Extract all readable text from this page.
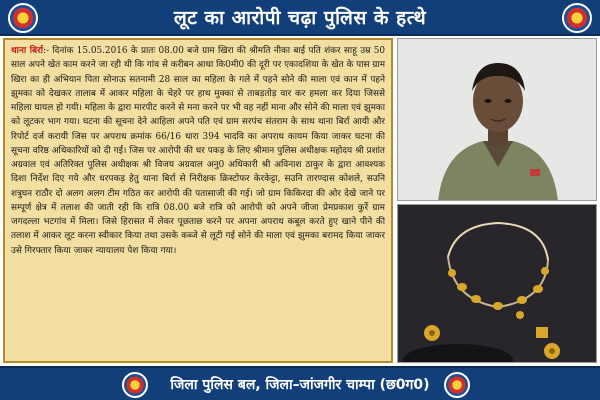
लूट का आरोपी चढ़ा पुलिस के हत्थे

थाना बिर्रा:- दिनांक 15.05.2016 के प्रातः 08.00 बजे ग्राम खिरा की श्रीमति नीका बाई पति शंकर साहू उम्र 50 साल अपने खेत काम करने जा रही थी कि गांव से करीबन आधा कि0मी0 की दूरी पर एकादशिया के खेत के पास ग्राम खिरा का ही अभियान पिता सोनाऊ सतनामी 28 साल का महिला के गले में पहने सोने की माला एवं कान में पहने झुमका को देखकर तालाब में आकर महिला के चेहरे पर हाथ मुक्का से ताबड़तोड़ वार कर हमला कर दिया जिससे महिला घायल हो गयी। महिला के द्वारा मारपीट करने से मना करने पर भी वह नहीं माना और सोने की माला एवं झुमका को लूटकर भाग गया। घटना की सूचना देने आहिला अपने पति एवं ग्राम सरपंच संतराम के साथ थाना बिर्रा आयी और रिपोर्ट दर्ज करायी जिस पर अपराध क्रमांक 66/16 धारा 394 भादवि का अपराध कायम किया जाकर घटना की सूचना वरिष्ठ अधिकारियों को दी गई। जिस पर आरोपी की धर पकड़ के लिए श्रीमान पुलिस अधीक्षक महोदय श्री प्रशांत अग्रवाल एवं अतिरिक्त पुलिस अधीक्षक श्री विजय अग्रवाल अनु0 अधिकारी श्री अविनाश ठाकुर के द्वारा आवश्यक दिशा निर्देश दिए गये और धरपकड़ हेतु थाना बिर्रा से निरीक्षक क्रिस्टोफर केरकेट्टा, सउनि तारण्दास कोशले, सउनि शत्रुघन राठौर दो अलग अलग टीम गठित कर आरोपी की पतासाजी की गई। जो ग्राम किकिरदा की ओर देखे जाने पर सम्पूर्ण क्षेत्र में तलाश की जाती रही कि रात्रि 08.00 बजे रात्रि को आरोपी को अपने जीजा प्रेमप्रकाश कुर्रे ग्राम जगदल्ला भटगांव में मिला। जिसे हिरासत में लेकर पूछताछ करने पर अपना अपराध कबूल करते हुए खाने पीने की तलाश में आकर लूट करना स्वीकार किया तथा उसके कब्जे से लूटी गई सोने की माला एवं झुमका बरामद किया जाकर उसे गिरफ्तार किया जाकर न्यायालय पेश किया गया।

जिला पुलिस बल, जिला–जांजगीर चाम्पा (छ0ग0)
